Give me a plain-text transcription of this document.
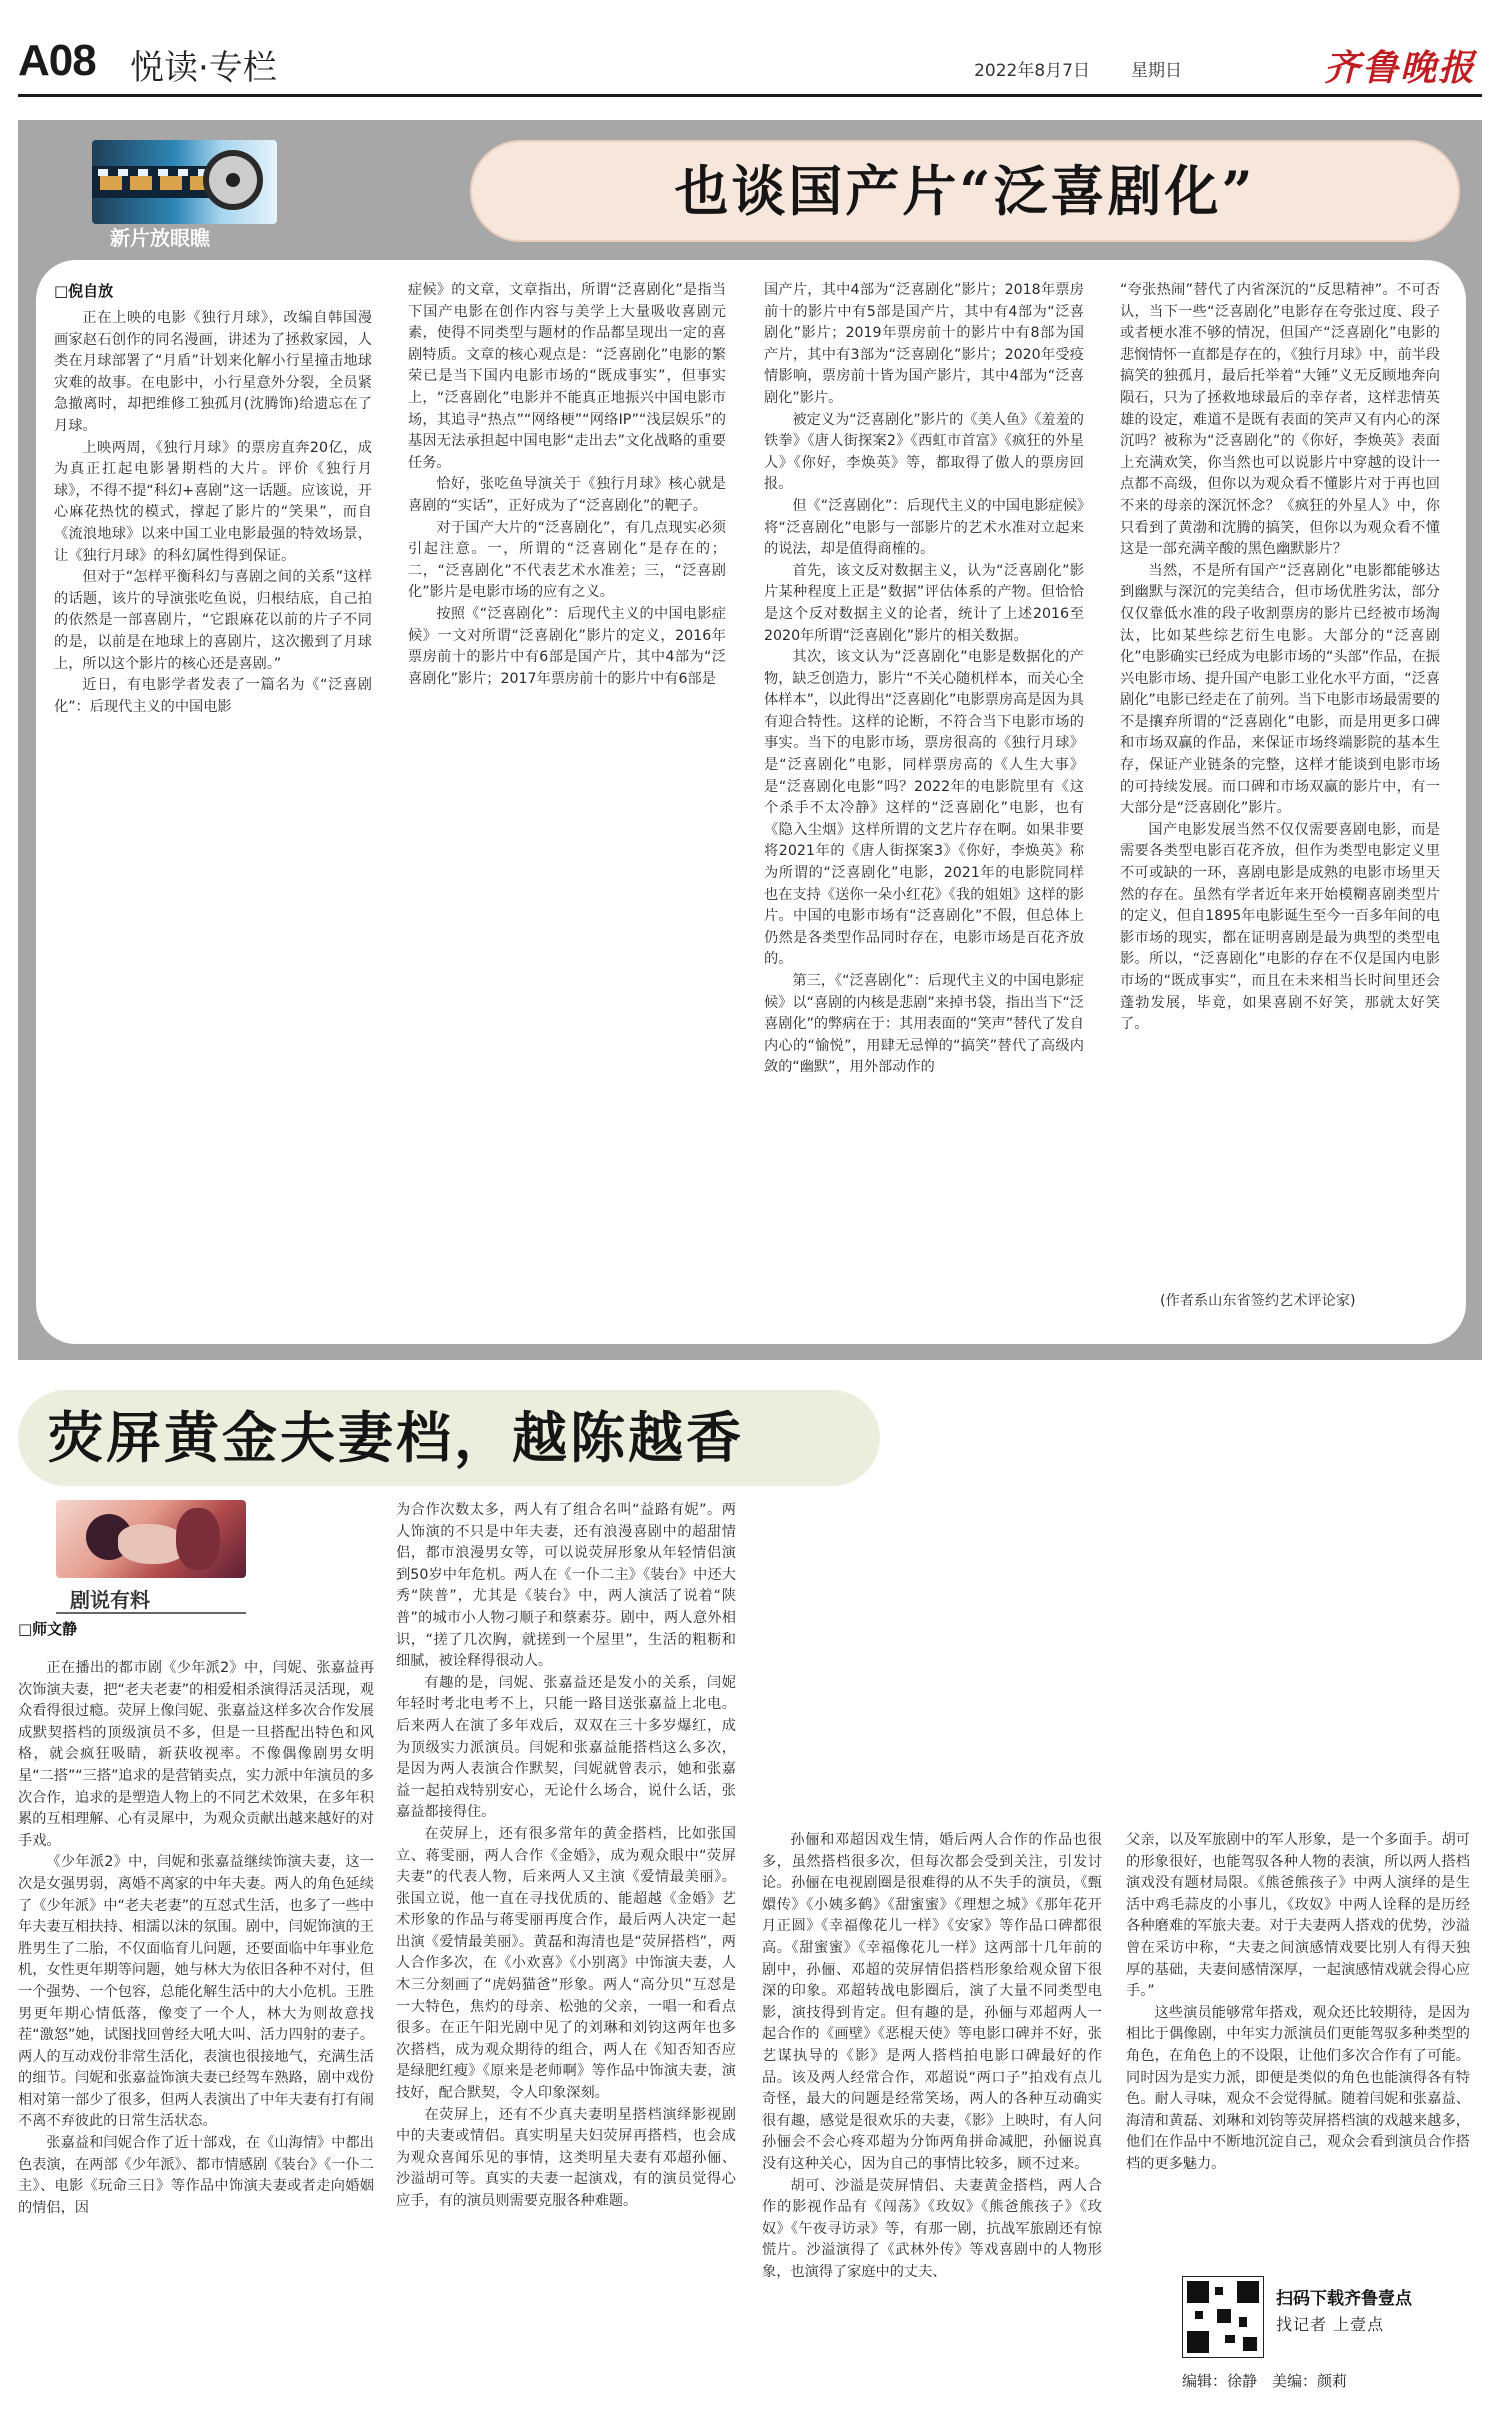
A08 悦读·专栏	2022年8月7日 星期日	齐鲁晚报
新片放眼瞧
也谈国产片“泛喜剧化”
□倪自放

正在上映的电影《独行月球》，改编自韩国漫画家赵石创作的同名漫画，讲述为了拯救家园，人类在月球部署了“月盾”计划来化解小行星撞击地球灾难的故事。在电影中，小行星意外分裂，全员紧急撤离时，却把维修工独孤月(沈腾饰)给遗忘在了月球。

上映两周，《独行月球》的票房直奔20亿，成为真正扛起电影暑期档的大片。评价《独行月球》，不得不提“科幻+喜剧”这一话题。应该说，开心麻花热忱的模式，撑起了影片的“笑果”，而自《流浪地球》以来中国工业电影最强的特效场景，让《独行月球》的科幻属性得到保证。

但对于“怎样平衡科幻与喜剧之间的关系”这样的话题，该片的导演张吃鱼说，归根结底，自己拍的依然是一部喜剧片，“它跟麻花以前的片子不同的是，以前是在地球上的喜剧片，这次搬到了月球上，所以这个影片的核心还是喜剧。”

近日，有电影学者发表了一篇名为《“泛喜剧化”：后现代主义的中国电影

症候》的文章，文章指出，所谓“泛喜剧化”是指当下国产电影在创作内容与美学上大量吸收喜剧元素，使得不同类型与题材的作品都呈现出一定的喜剧特质。文章的核心观点是：“泛喜剧化”电影的繁荣已是当下国内电影市场的“既成事实”，但事实上，“泛喜剧化”电影并不能真正地振兴中国电影市场，其追寻“热点”“网络梗”“网络IP”“浅层娱乐”的基因无法承担起中国电影“走出去”文化战略的重要任务。

恰好，张吃鱼导演关于《独行月球》核心就是喜剧的“实话”，正好成为了“泛喜剧化”的靶子。

对于国产大片的“泛喜剧化”，有几点现实必须引起注意。一，所谓的“泛喜剧化”是存在的；二，“泛喜剧化”不代表艺术水准差；三，“泛喜剧化”影片是电影市场的应有之义。

按照《“泛喜剧化”：后现代主义的中国电影症候》一文对所谓“泛喜剧化”影片的定义，2016年票房前十的影片中有6部是国产片，其中4部为“泛喜剧化”影片；2017年票房前十的影片中有6部是

国产片，其中4部为“泛喜剧化”影片；2018年票房前十的影片中有5部是国产片，其中有4部为“泛喜剧化”影片；2019年票房前十的影片中有8部为国产片，其中有3部为“泛喜剧化”影片；2020年受疫情影响，票房前十皆为国产影片，其中4部为“泛喜剧化”影片。

被定义为“泛喜剧化”影片的《美人鱼》《羞羞的铁拳》《唐人街探案2》《西虹市首富》《疯狂的外星人》《你好，李焕英》等，都取得了傲人的票房回报。

但《“泛喜剧化”：后现代主义的中国电影症候》将“泛喜剧化”电影与一部影片的艺术水准对立起来的说法，却是值得商榷的。

首先，该文反对数据主义，认为“泛喜剧化”影片某种程度上正是“数据”评估体系的产物。但恰恰是这个反对数据主义的论者，统计了上述2016至2020年所谓“泛喜剧化”影片的相关数据。

其次，该文认为“泛喜剧化”电影是数据化的产物，缺乏创造力，影片“不关心随机样本，而关心全体样本”，以此得出“泛喜剧化”电影票房高是因为具有迎合特性。这样的论断，不符合当下电影市场的事实。当下的电影市场，票房很高的《独行月球》是“泛喜剧化”电影，同样票房高的《人生大事》是“泛喜剧化电影”吗？2022年的电影院里有《这个杀手不太冷静》这样的“泛喜剧化”电影，也有《隐入尘烟》这样所谓的文艺片存在啊。如果非要将2021年的《唐人街探案3》《你好，李焕英》称为所谓的“泛喜剧化”电影，2021年的电影院同样也在支持《送你一朵小红花》《我的姐姐》这样的影片。中国的电影市场有“泛喜剧化”不假，但总体上仍然是各类型作品同时存在，电影市场是百花齐放的。

第三，《“泛喜剧化”：后现代主义的中国电影症候》以“喜剧的内核是悲剧”来掉书袋，指出当下“泛喜剧化”的弊病在于：其用表面的“笑声”替代了发自内心的“愉悦”，用肆无忌惮的“搞笑”替代了高级内敛的“幽默”，用外部动作的

“夸张热闹”替代了内省深沉的“反思精神”。不可否认，当下一些“泛喜剧化”电影存在夸张过度、段子或者梗水准不够的情况，但国产“泛喜剧化”电影的悲悯情怀一直都是存在的，《独行月球》中，前半段搞笑的独孤月，最后托举着“大锤”义无反顾地奔向陨石，只为了拯救地球最后的幸存者，这样悲情英雄的设定，难道不是既有表面的笑声又有内心的深沉吗？被称为“泛喜剧化”的《你好，李焕英》表面上充满欢笑，你当然也可以说影片中穿越的设计一点都不高级，但你以为观众看不懂影片对于再也回不来的母亲的深沉怀念？《疯狂的外星人》中，你只看到了黄渤和沈腾的搞笑，但你以为观众看不懂这是一部充满辛酸的黑色幽默影片？

当然，不是所有国产“泛喜剧化”电影都能够达到幽默与深沉的完美结合，但市场优胜劣汰，部分仅仅靠低水准的段子收割票房的影片已经被市场淘汰，比如某些综艺衍生电影。大部分的“泛喜剧化”电影确实已经成为电影市场的“头部”作品，在振兴电影市场、提升国产电影工业化水平方面，“泛喜剧化”电影已经走在了前列。当下电影市场最需要的不是攘弃所谓的“泛喜剧化”电影，而是用更多口碑和市场双赢的作品，来保证市场终端影院的基本生存，保证产业链条的完整，这样才能谈到电影市场的可持续发展。而口碑和市场双赢的影片中，有一大部分是“泛喜剧化”影片。

国产电影发展当然不仅仅需要喜剧电影，而是需要各类型电影百花齐放，但作为类型电影定义里不可或缺的一环，喜剧电影是成熟的电影市场里天然的存在。虽然有学者近年来开始模糊喜剧类型片的定义，但自1895年电影诞生至今一百多年间的电影市场的现实，都在证明喜剧是最为典型的类型电影。所以，“泛喜剧化”电影的存在不仅是国内电影市场的“既成事实”，而且在未来相当长时间里还会蓬勃发展，毕竟，如果喜剧不好笑，那就太好笑了。

(作者系山东省签约艺术评论家)
荧屏黄金夫妻档，越陈越香
剧说有料
□师文静

正在播出的都市剧《少年派2》中，闫妮、张嘉益再次饰演夫妻，把“老夫老妻”的相爱相杀演得活灵活现，观众看得很过瘾。荧屏上像闫妮、张嘉益这样多次合作发展成默契搭档的顶级演员不多，但是一旦搭配出特色和风格，就会疯狂吸睛，新获收视率。不像偶像剧男女明星“二搭”“三搭”追求的是营销卖点，实力派中年演员的多次合作，追求的是塑造人物上的不同艺术效果，在多年积累的互相理解、心有灵犀中，为观众贡献出越来越好的对手戏。

《少年派2》中，闫妮和张嘉益继续饰演夫妻，这一次是女强男弱，离婚不离家的中年夫妻。两人的角色延续了《少年派》中“老夫老妻”的互怼式生活，也多了一些中年夫妻互相扶持、相濡以沫的氛围。剧中，闫妮饰演的王胜男生了二胎，不仅面临育儿问题，还要面临中年事业危机，女性更年期等问题，她与林大为依旧各种不对付，但一个强势、一个包容，总能化解生活中的大小危机。王胜男更年期心情低落，像变了一个人，林大为则故意找茬“激怒”她，试图找回曾经大吼大叫、活力四射的妻子。两人的互动戏份非常生活化，表演也很接地气，充满生活的细节。闫妮和张嘉益饰演夫妻已经驾车熟路，剧中戏份相对第一部少了很多，但两人表演出了中年夫妻有打有闹不离不弃彼此的日常生活状态。

张嘉益和闫妮合作了近十部戏，在《山海情》中都出色表演，在两部《少年派》、都市情感剧《装台》《一仆二主》、电影《玩命三日》等作品中饰演夫妻或者走向婚姻的情侣，因

为合作次数太多，两人有了组合名叫“益路有妮”。两人饰演的不只是中年夫妻，还有浪漫喜剧中的超甜情侣，都市浪漫男女等，可以说荧屏形象从年轻情侣演到50岁中年危机。两人在《一仆二主》《装台》中还大秀“陕普”，尤其是《装台》中，两人演活了说着“陕普”的城市小人物刁顺子和蔡素芬。剧中，两人意外相识，“搓了几次胸，就搓到一个屋里”，生活的粗粝和细腻，被诠释得很动人。

有趣的是，闫妮、张嘉益还是发小的关系，闫妮年轻时考北电考不上，只能一路目送张嘉益上北电。后来两人在演了多年戏后，双双在三十多岁爆红，成为顶级实力派演员。闫妮和张嘉益能搭档这么多次，是因为两人表演合作默契，闫妮就曾表示，她和张嘉益一起拍戏特别安心，无论什么场合，说什么话，张嘉益都接得住。

在荧屏上，还有很多常年的黄金搭档，比如张国立、蒋雯丽，两人合作《金婚》，成为观众眼中“荧屏夫妻”的代表人物，后来两人又主演《爱情最美丽》。张国立说，他一直在寻找优质的、能超越《金婚》艺术形象的作品与蒋雯丽再度合作，最后两人决定一起出演《爱情最美丽》。黄磊和海清也是“荧屏搭档”，两人合作多次，在《小欢喜》《小别离》中饰演夫妻，人木三分刻画了“虎妈猫爸”形象。两人“高分贝”互怼是一大特色，焦灼的母亲、松弛的父亲，一唱一和看点很多。在正午阳光剧中见了的刘琳和刘钧这两年也多次搭档，成为观众期待的组合，两人在《知否知否应是绿肥红瘦》《原来是老师啊》等作品中饰演夫妻，演技好，配合默契，令人印象深刻。

在荧屏上，还有不少真夫妻明星搭档演绎影视剧中的夫妻或情侣。真实明星夫妇荧屏再搭档，也会成为观众喜闻乐见的事情，这类明星夫妻有邓超孙俪、沙溢胡可等。真实的夫妻一起演戏，有的演员觉得心应手，有的演员则需要克服各种难题。

孙俪和邓超因戏生情，婚后两人合作的作品也很多，虽然搭档很多次，但每次都会受到关注，引发讨论。孙俪在电视剧圈是很难得的从不失手的演员，《甄嬛传》《小姨多鹤》《甜蜜蜜》《理想之城》《那年花开月正圆》《幸福像花儿一样》《安家》等作品口碑都很高。《甜蜜蜜》《幸福像花儿一样》这两部十几年前的剧中，孙俪、邓超的荧屏情侣搭档形象给观众留下很深的印象。邓超转战电影圈后，演了大量不同类型电影，演技得到肯定。但有趣的是，孙俪与邓超两人一起合作的《画壁》《恶棍天使》等电影口碑并不好，张艺谋执导的《影》是两人搭档拍电影口碑最好的作品。该及两人经常合作，邓超说“两口子”拍戏有点儿奇怪，最大的问题是经常笑场，两人的各种互动确实很有趣，感觉是很欢乐的夫妻，《影》上映时，有人问孙俪会不会心疼邓超为分饰两角拼命减肥，孙俪说真没有这种关心，因为自己的事情比较多，顾不过来。

胡可、沙溢是荧屏情侣、夫妻黄金搭档，两人合作的影视作品有《闯荡》《玫奴》《熊爸熊孩子》《玫奴》《午夜寻访录》等，有那一剧，抗战军旅剧还有惊慌片。沙溢演得了《武林外传》等戏喜剧中的人物形象，也演得了家庭中的丈夫、

父亲，以及军旅剧中的军人形象，是一个多面手。胡可的形象很好，也能驾驭各种人物的表演，所以两人搭档演戏没有题材局限。《熊爸熊孩子》中两人演绎的是生活中鸡毛蒜皮的小事儿，《玫奴》中两人诠释的是历经各种磨难的军旅夫妻。对于夫妻两人搭戏的优势，沙溢曾在采访中称，“夫妻之间演感情戏要比别人有得天独厚的基础，夫妻间感情深厚，一起演感情戏就会得心应手。”

这些演员能够常年搭戏，观众还比较期待，是因为相比于偶像剧，中年实力派演员们更能驾驭多种类型的角色，在角色上的不设限，让他们多次合作有了可能。同时因为是实力派，即便是类似的角色也能演得各有特色。耐人寻味，观众不会觉得腻。随着闫妮和张嘉益、海清和黄磊、刘琳和刘钧等荧屏搭档演的戏越来越多，他们在作品中不断地沉淀自己，观众会看到演员合作搭档的更多魅力。

扫码下载齐鲁壹点
找记者 上壹点
编辑：徐静　美编：颜莉
